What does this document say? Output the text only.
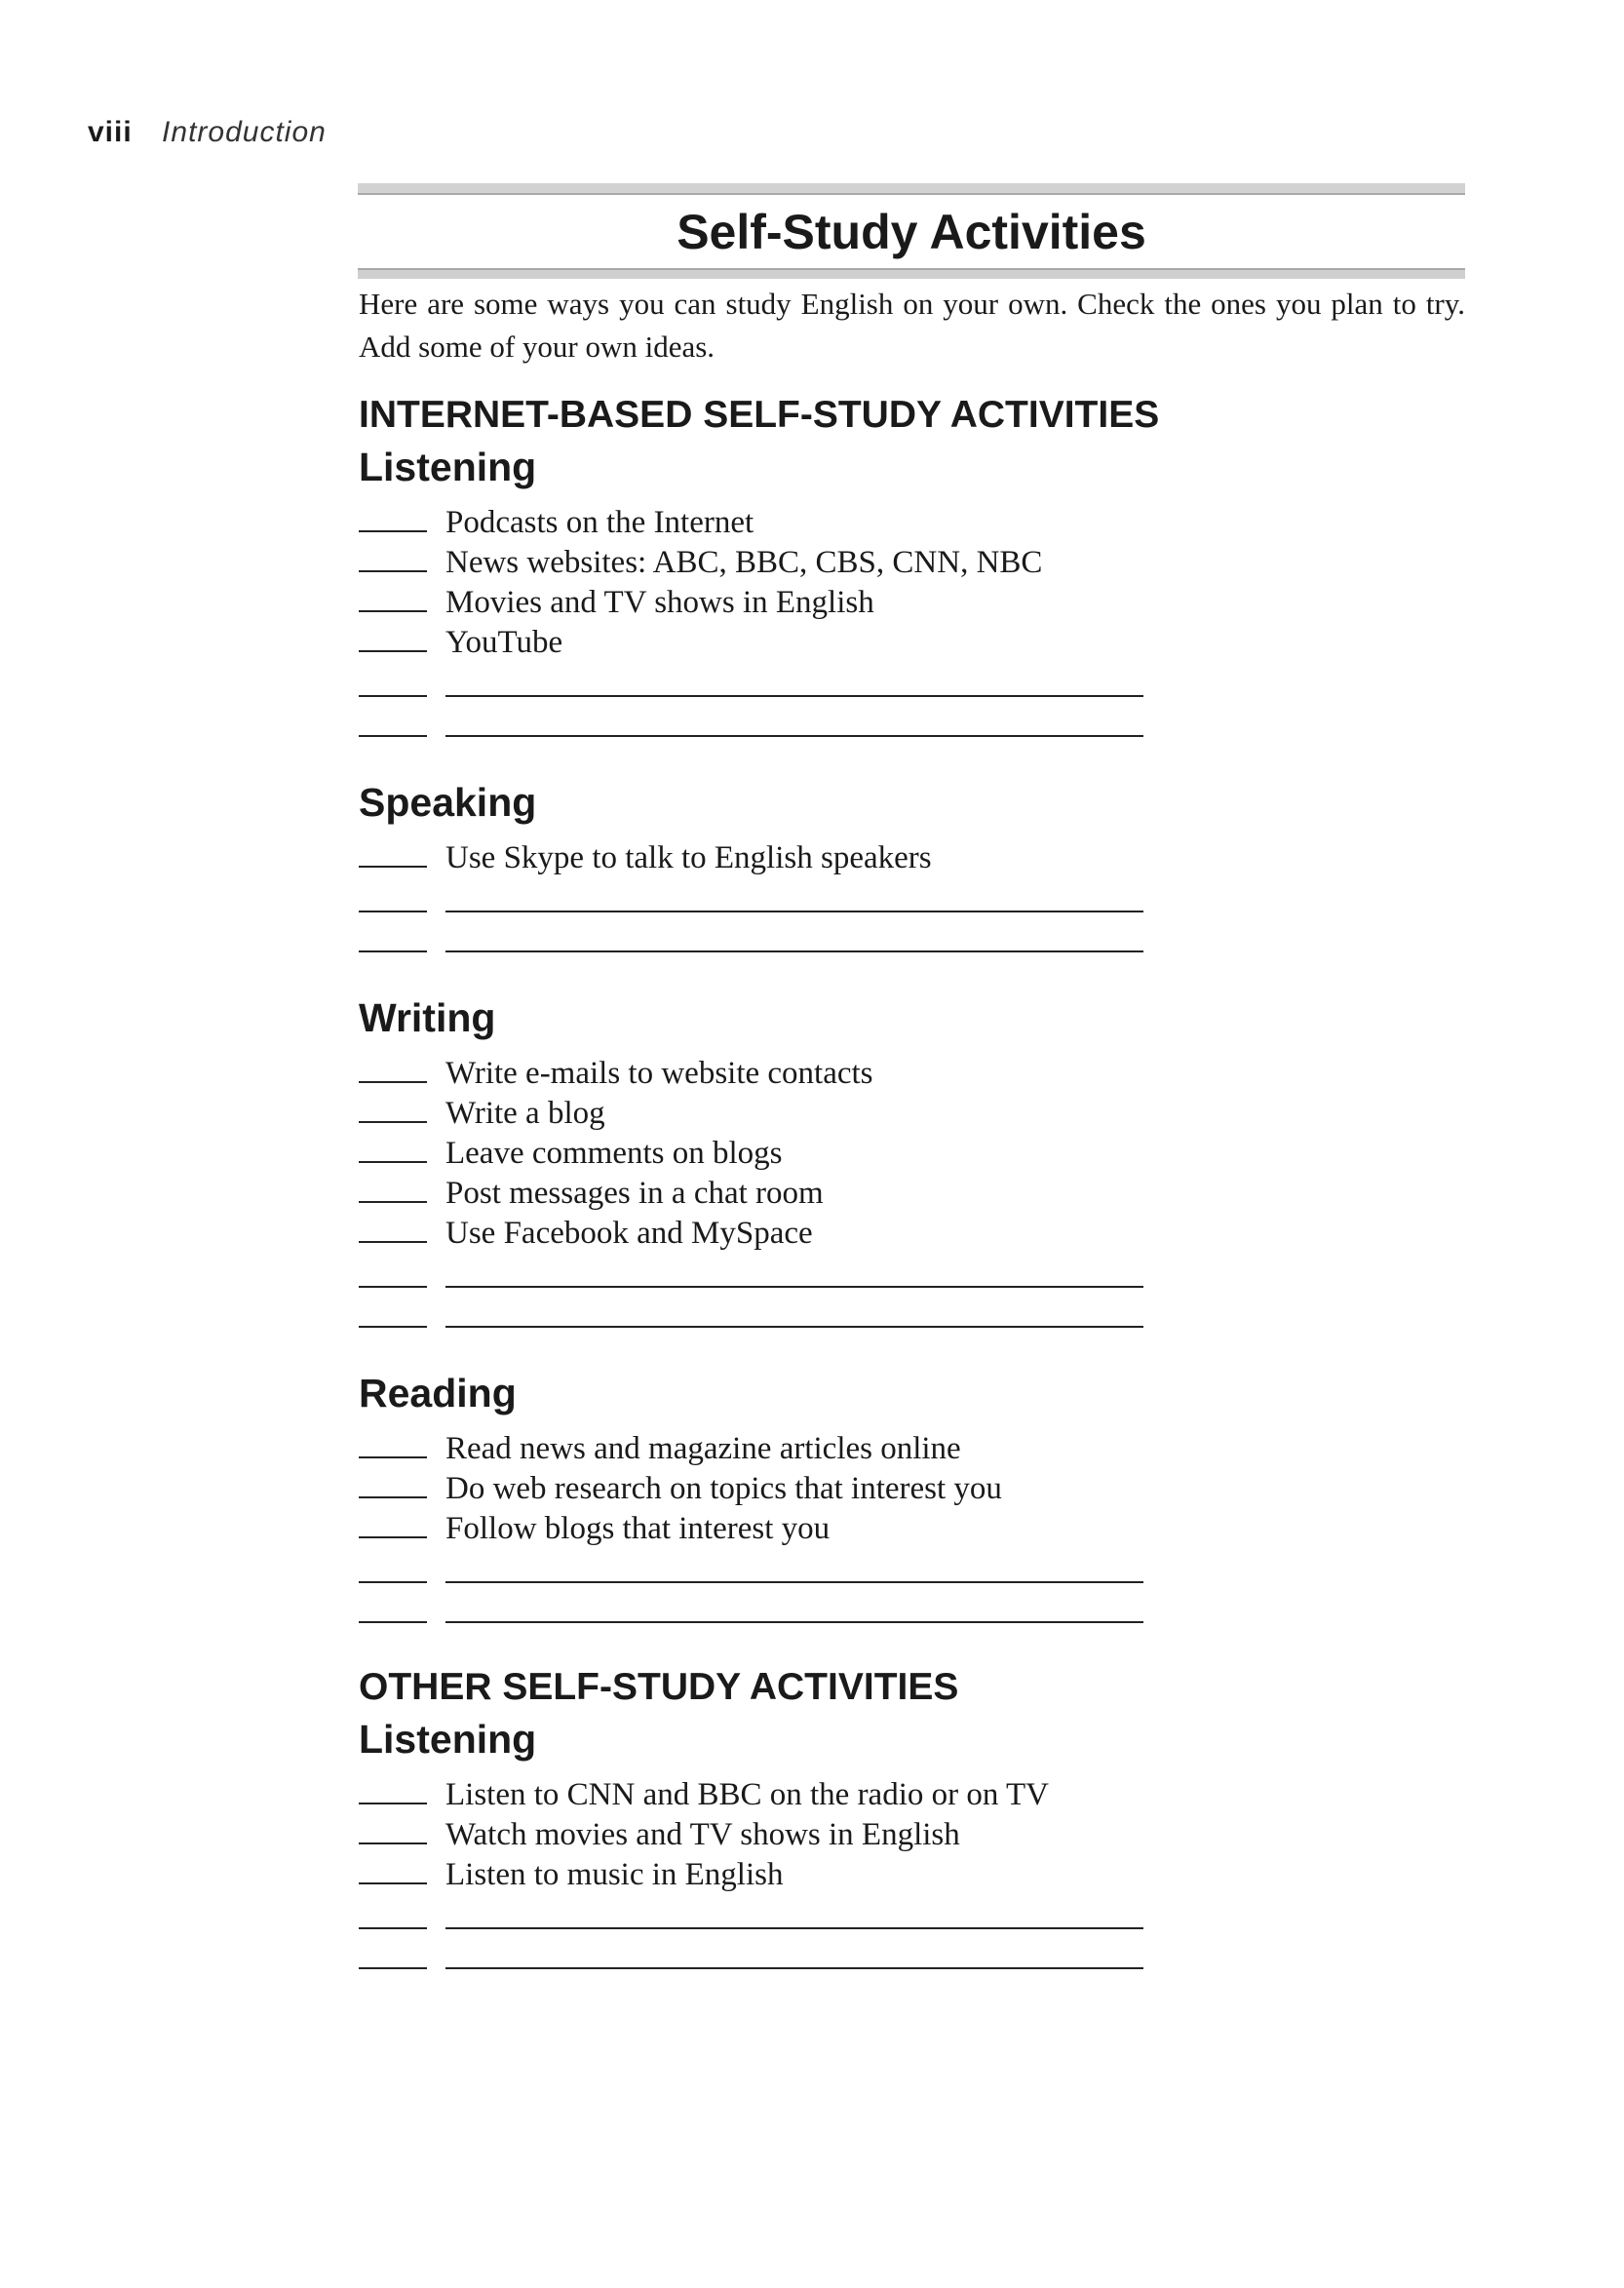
viii Introduction
Self-Study Activities

Here are some ways you can study English on your own. Check the ones you plan to try. Add some of your own ideas.

INTERNET-BASED SELF-STUDY ACTIVITIES
Listening
Podcasts on the Internet
News websites: ABC, BBC, CBS, CNN, NBC
Movies and TV shows in English
YouTube
Speaking
Use Skype to talk to English speakers
Writing
Write e-mails to website contacts
Write a blog
Leave comments on blogs
Post messages in a chat room
Use Facebook and MySpace
Reading
Read news and magazine articles online
Do web research on topics that interest you
Follow blogs that interest you
OTHER SELF-STUDY ACTIVITIES
Listening
Listen to CNN and BBC on the radio or on TV
Watch movies and TV shows in English
Listen to music in English
